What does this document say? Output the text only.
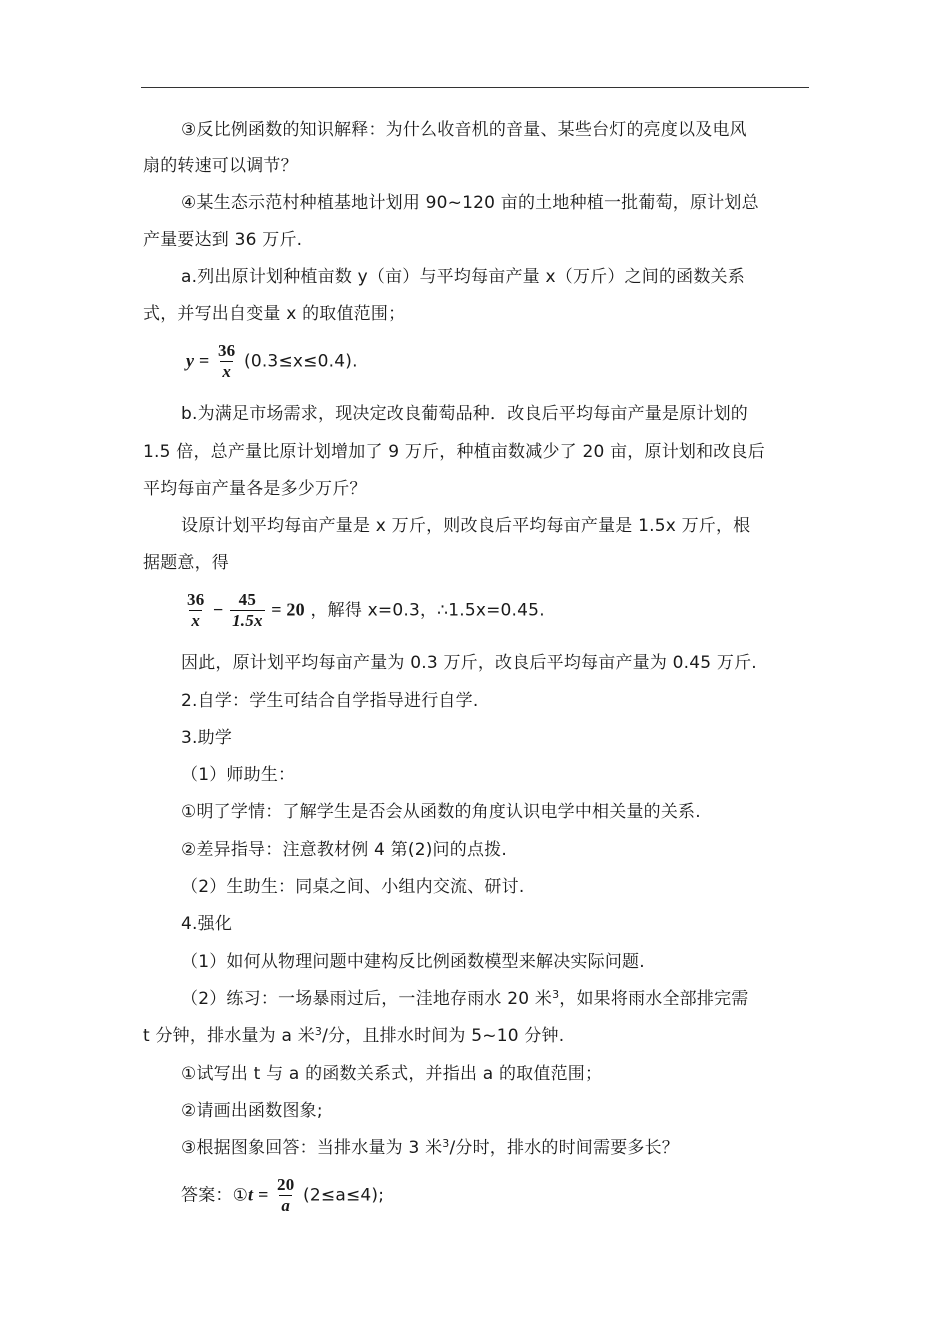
③反比例函数的知识解释：为什么收音机的音量、某些台灯的亮度以及电风
扇的转速可以调节？
④某生态示范村种植基地计划用 90~120 亩的土地种植一批葡萄，原计划总
产量要达到 36 万斤.
a.列出原计划种植亩数 y（亩）与平均每亩产量 x（万斤）之间的函数关系
式，并写出自变量 x 的取值范围；
$y = \frac{36}{x} (0.3\le x\le 0.4)$.
b.为满足市场需求，现决定改良葡萄品种．改良后平均每亩产量是原计划的
1.5 倍，总产量比原计划增加了 9 万斤，种植亩数减少了 20 亩，原计划和改良后
平均每亩产量各是多少万斤？
设原计划平均每亩产量是 x 万斤，则改良后平均每亩产量是 1.5x 万斤，根
据题意，得
$\frac{36}{x} - \frac{45}{1.5x} = 20$ ，解得 x=0.3，∴1.5x=0.45.
因此，原计划平均每亩产量为 0.3 万斤，改良后平均每亩产量为 0.45 万斤.
2.自学：学生可结合自学指导进行自学.
3.助学
（1）师助生：
①明了学情：了解学生是否会从函数的角度认识电学中相关量的关系.
②差异指导：注意教材例 4 第(2)问的点拨.
（2）生助生：同桌之间、小组内交流、研讨.
4.强化
（1）如何从物理问题中建构反比例函数模型来解决实际问题.
（2）练习：一场暴雨过后，一洼地存雨水 20 米$^3$，如果将雨水全部排完需
t 分钟，排水量为 a 米$^3$/分，且排水时间为 5~10 分钟.
①试写出 t 与 a 的函数关系式，并指出 a 的取值范围；
②请画出函数图象;
③根据图象回答：当排水量为 3 米$^3$/分时，排水的时间需要多长？
答案：①t = $\frac{20}{a} (2\le a\le 4)$;
